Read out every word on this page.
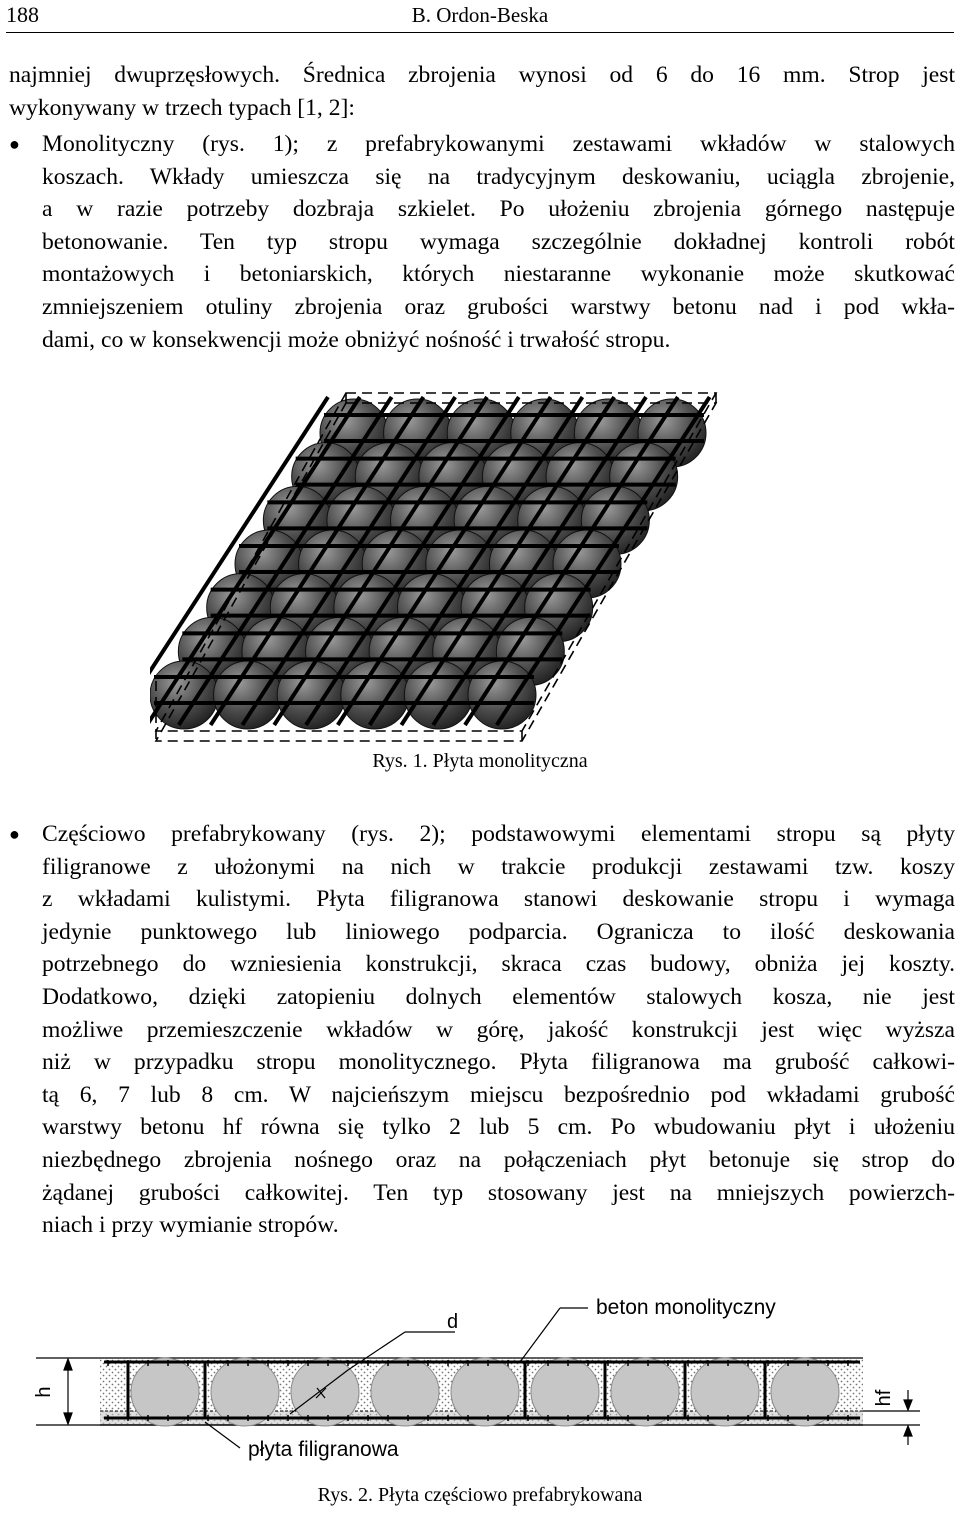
188	B. Ordon-Beska
najmniej dwuprzęsłowych. Średnica zbrojenia wynosi od 6 do 16 mm. Strop jest
wykonywany w trzech typach [1, 2]:
● Monolityczny (rys. 1); z prefabrykowanymi zestawami wkładów w stalowych
koszach. Wkłady umieszcza się na tradycyjnym deskowaniu, uciągla zbrojenie,
a w razie potrzeby dozbraja szkielet. Po ułożeniu zbrojenia górnego następuje
betonowanie. Ten typ stropu wymaga szczególnie dokładnej kontroli robót
montażowych i betoniarskich, których niestaranne wykonanie może skutkować
zmniejszeniem otuliny zbrojenia oraz grubości warstwy betonu nad i pod wkła-
dami, co w konsekwencji może obniżyć nośność i trwałość stropu.
Rys. 1. Płyta monolityczna
● Częściowo prefabrykowany (rys. 2); podstawowymi elementami stropu są płyty
filigranowe z ułożonymi na nich w trakcie produkcji zestawami tzw. koszy
z wkładami kulistymi. Płyta filigranowa stanowi deskowanie stropu i wymaga
jedynie punktowego lub liniowego podparcia. Ogranicza to ilość deskowania
potrzebnego do wzniesienia konstrukcji, skraca czas budowy, obniża jej koszty.
Dodatkowo, dzięki zatopieniu dolnych elementów stalowych kosza, nie jest
możliwe przemieszczenie wkładów w górę, jakość konstrukcji jest więc wyższa
niż w przypadku stropu monolitycznego. Płyta filigranowa ma grubość całkowi-
tą 6, 7 lub 8 cm. W najcieńszym miejscu bezpośrednio pod wkładami grubość
warstwy betonu hf równa się tylko 2 lub 5 cm. Po wbudowaniu płyt i ułożeniu
niezbędnego zbrojenia nośnego oraz na połączeniach płyt betonuje się strop do
żądanej grubości całkowitej. Ten typ stosowany jest na mniejszych powierzch-
niach i przy wymianie stropów.
h	hf
d
beton monolityczny
płyta filigranowa
Rys. 2. Płyta częściowo prefabrykowana
